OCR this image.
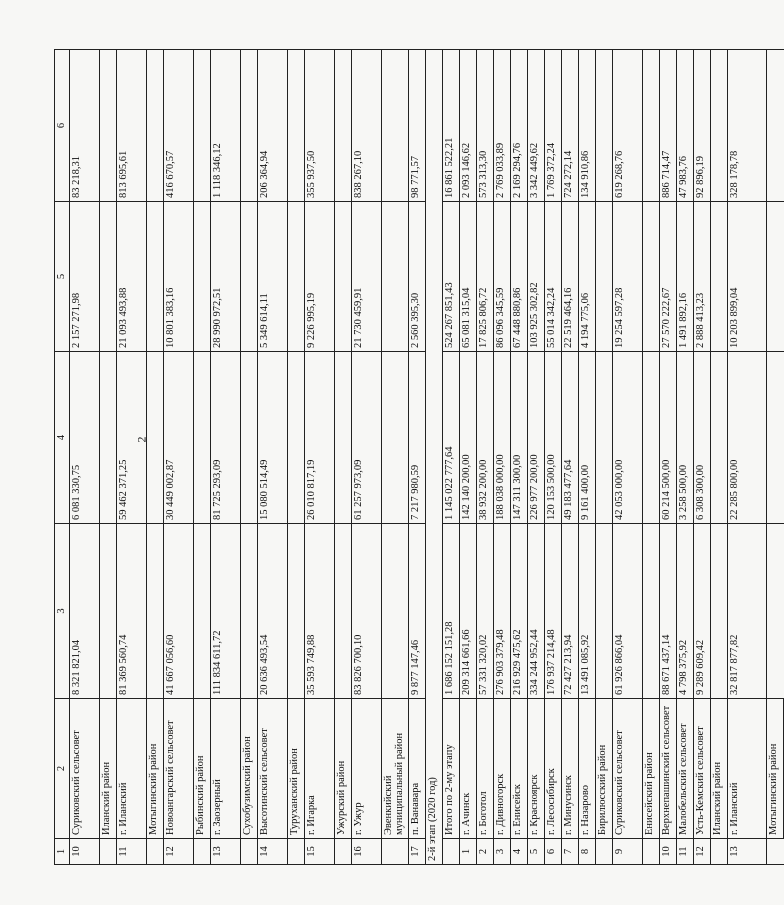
2
1	2	3	4	5	6
10	Суриковский сельсовет	8 321 821,04	6 081 330,75	2 157 271,98	83 218,31
	Иланский район				
11	г. Иланский	81 369 560,74	59 462 371,25	21 093 493,88	813 695,61
	Мотыгинский район				
12	Новоангарский сельсовет	41 667 056,60	30 449 002,87	10 801 383,16	416 670,57
	Рыбинский район				
13	г. Заозерный	111 834 611,72	81 725 293,09	28 990 972,51	1 118 346,12
	Сухобузимский район				
14	Высотинский сельсовет	20 636 493,54	15 080 514,49	5 349 614,11	206 364,94
	Туруханский район				
15	г. Игарка	35 593 749,88	26 010 817,19	9 226 995,19	355 937,50
	Ужурский район				
16	г. Ужур	83 826 700,10	61 257 973,09	21 730 459,91	838 267,10
	Эвенкийский муниципальный район				
17	п. Ванавара	9 877 147,46	7 217 980,59	2 560 395,30	98 771,57
2-й этап (2020 год)					
	Итого по 2-му этапу	1 686 152 151,28	1 145 022 777,64	524 267 851,43	16 861 522,21
1	г. Ачинск	209 314 661,66	142 140 200,00	65 081 315,04	2 093 146,62
2	г. Боготол	57 331 320,02	38 932 200,00	17 825 806,72	573 313,30
3	г. Дивногорск	276 903 379,48	188 038 000,00	86 096 345,59	2 769 033,89
4	г. Енисейск	216 929 475,62	147 311 300,00	67 448 880,86	2 169 294,76
5	г. Красноярск	334 244 952,44	226 977 200,00	103 925 302,82	3 342 449,62
6	г. Лесосибирск	176 937 214,48	120 153 500,00	55 014 342,24	1 769 372,24
7	г. Минусинск	72 427 213,94	49 183 477,64	22 519 464,16	724 272,14
8	г. Назарово	13 491 085,92	9 161 400,00	4 194 775,06	134 910,86
	Бирилюсский район				
9	Суриковский сельсовет	61 926 866,04	42 053 000,00	19 254 597,28	619 268,76
	Енисейский район				
10	Верхнепашинский сельсовет	88 671 437,14	60 214 500,00	27 570 222,67	886 714,47
11	Малобельский сельсовет	4 798 375,92	3 258 500,00	1 491 892,16	47 983,76
12	Усть-Кемский сельсовет	9 289 609,42	6 308 300,00	2 888 413,23	92 896,19
	Иланский район				
13	г. Иланский	32 817 877,82	22 285 800,00	10 203 899,04	328 178,78
	Мотыгинский район				
